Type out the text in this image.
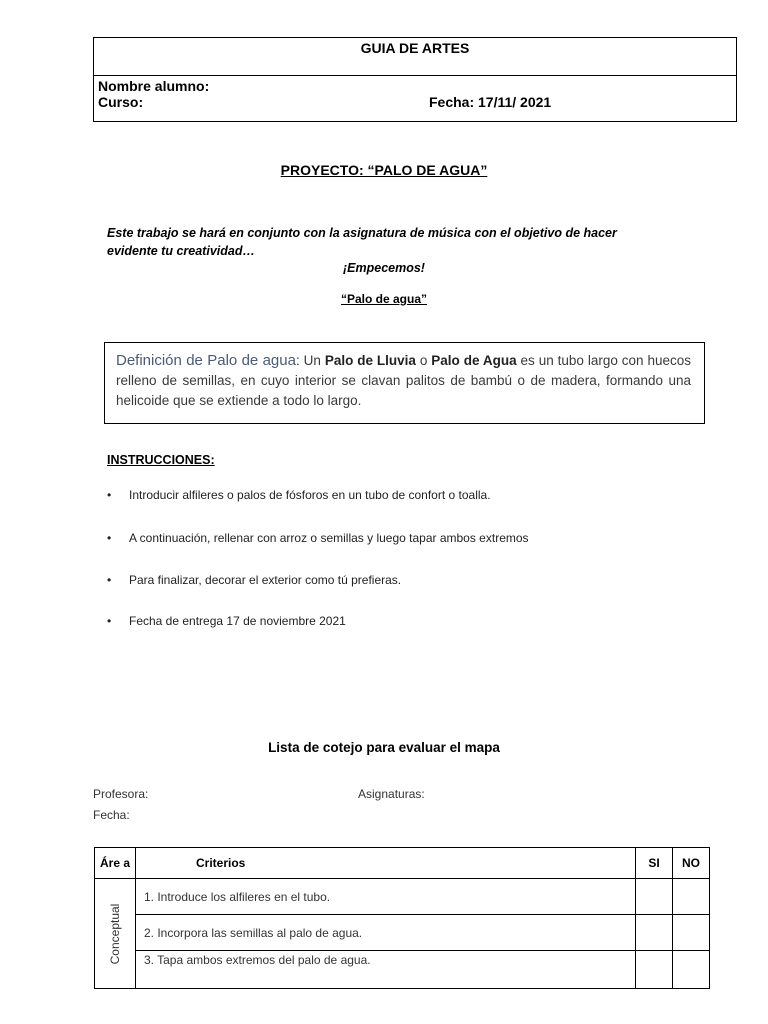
GUIA DE ARTES
Nombre alumno:
Curso:	Fecha: 17/11/ 2021
PROYECTO: “PALO DE AGUA”
Este trabajo se hará en conjunto con la asignatura de música con el objetivo de hacer evidente tu creatividad…
¡Empecemos!
“Palo de agua”
Definición de Palo de agua: Un Palo de Lluvia o Palo de Agua es un tubo largo con huecos relleno de semillas, en cuyo interior se clavan palitos de bambú o de madera, formando una helicoide que se extiende a todo lo largo.
INSTRUCCIONES:
• Introducir alfileres o palos de fósforos en un tubo de confort o toalla.
• A continuación, rellenar con arroz o semillas y luego tapar ambos extremos
• Para finalizar, decorar el exterior como tú prefieras.
• Fecha de entrega 17 de noviembre 2021
Lista de cotejo para evaluar el mapa
Profesora:	Asignaturas:
Fecha:
Áre a	Criterios	SI	NO

Conceptual	1. Introduce los alfileres en el tubo.		
	2. Incorpora las semillas al palo de agua.		
	3. Tapa ambos extremos del palo de agua.		
